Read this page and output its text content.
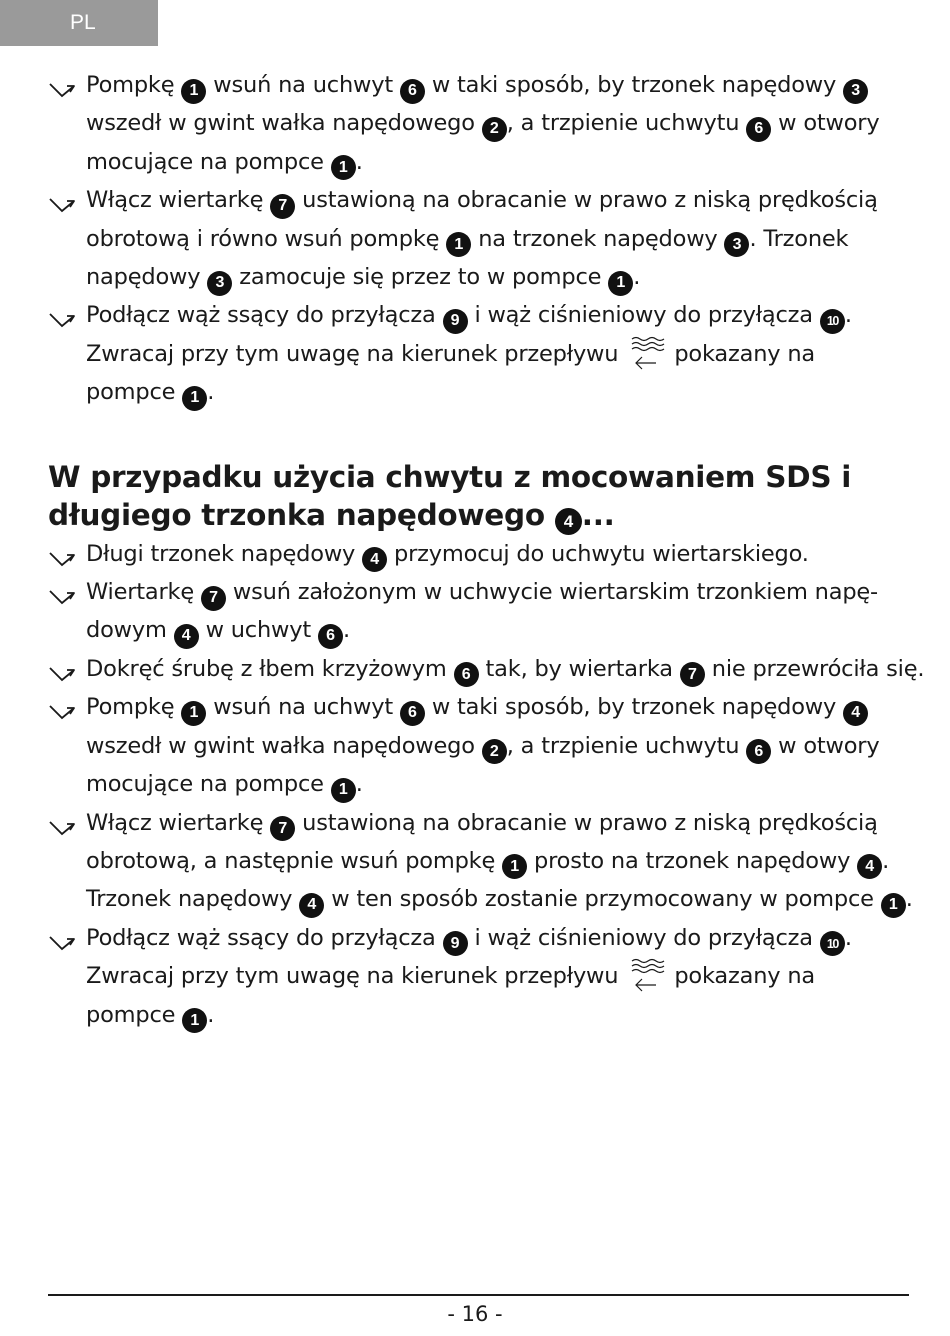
PL
Pompkę 1 wsuń na uchwyt 6 w taki sposób, by trzonek napędowy 3
wszedł w gwint wałka napędowego 2 , a trzpienie uchwytu 6 w otwory
mocujące na pompce 1 .
Włącz wiertarkę 7 ustawioną na obracanie w prawo z niską prędkością
obrotową i równo wsuń pompkę 1 na trzonek napędowy 3 . Trzonek
napędowy 3 zamocuje się przez to w pompce 1 .
Podłącz wąż ssący do przyłącza 9 i wąż ciśnieniowy do przyłącza 10 .
Zwracaj przy tym uwagę na kierunek przepływu pokazany na
pompce 1 .
W przypadku użycia chwytu z mocowaniem SDS i
długiego trzonka napędowego 4 ...
Długi trzonek napędowy 4 przymocuj do uchwytu wiertarskiego.
Wiertarkę 7 wsuń założonym w uchwycie wiertarskim trzonkiem napę-
dowym 4 w uchwyt 6 .
Dokręć śrubę z łbem krzyżowym 6 tak, by wiertarka 7 nie przewróciła się.
Pompkę 1 wsuń na uchwyt 6 w taki sposób, by trzonek napędowy 4
wszedł w gwint wałka napędowego 2 , a trzpienie uchwytu 6 w otwory
mocujące na pompce 1 .
Włącz wiertarkę 7 ustawioną na obracanie w prawo z niską prędkością
obrotową, a następnie wsuń pompkę 1 prosto na trzonek napędowy 4 .
Trzonek napędowy 4 w ten sposób zostanie przymocowany w pompce 1 .
Podłącz wąż ssący do przyłącza 9 i wąż ciśnieniowy do przyłącza 10 .
Zwracaj przy tym uwagę na kierunek przepływu pokazany na
pompce 1 .
- 16 -
